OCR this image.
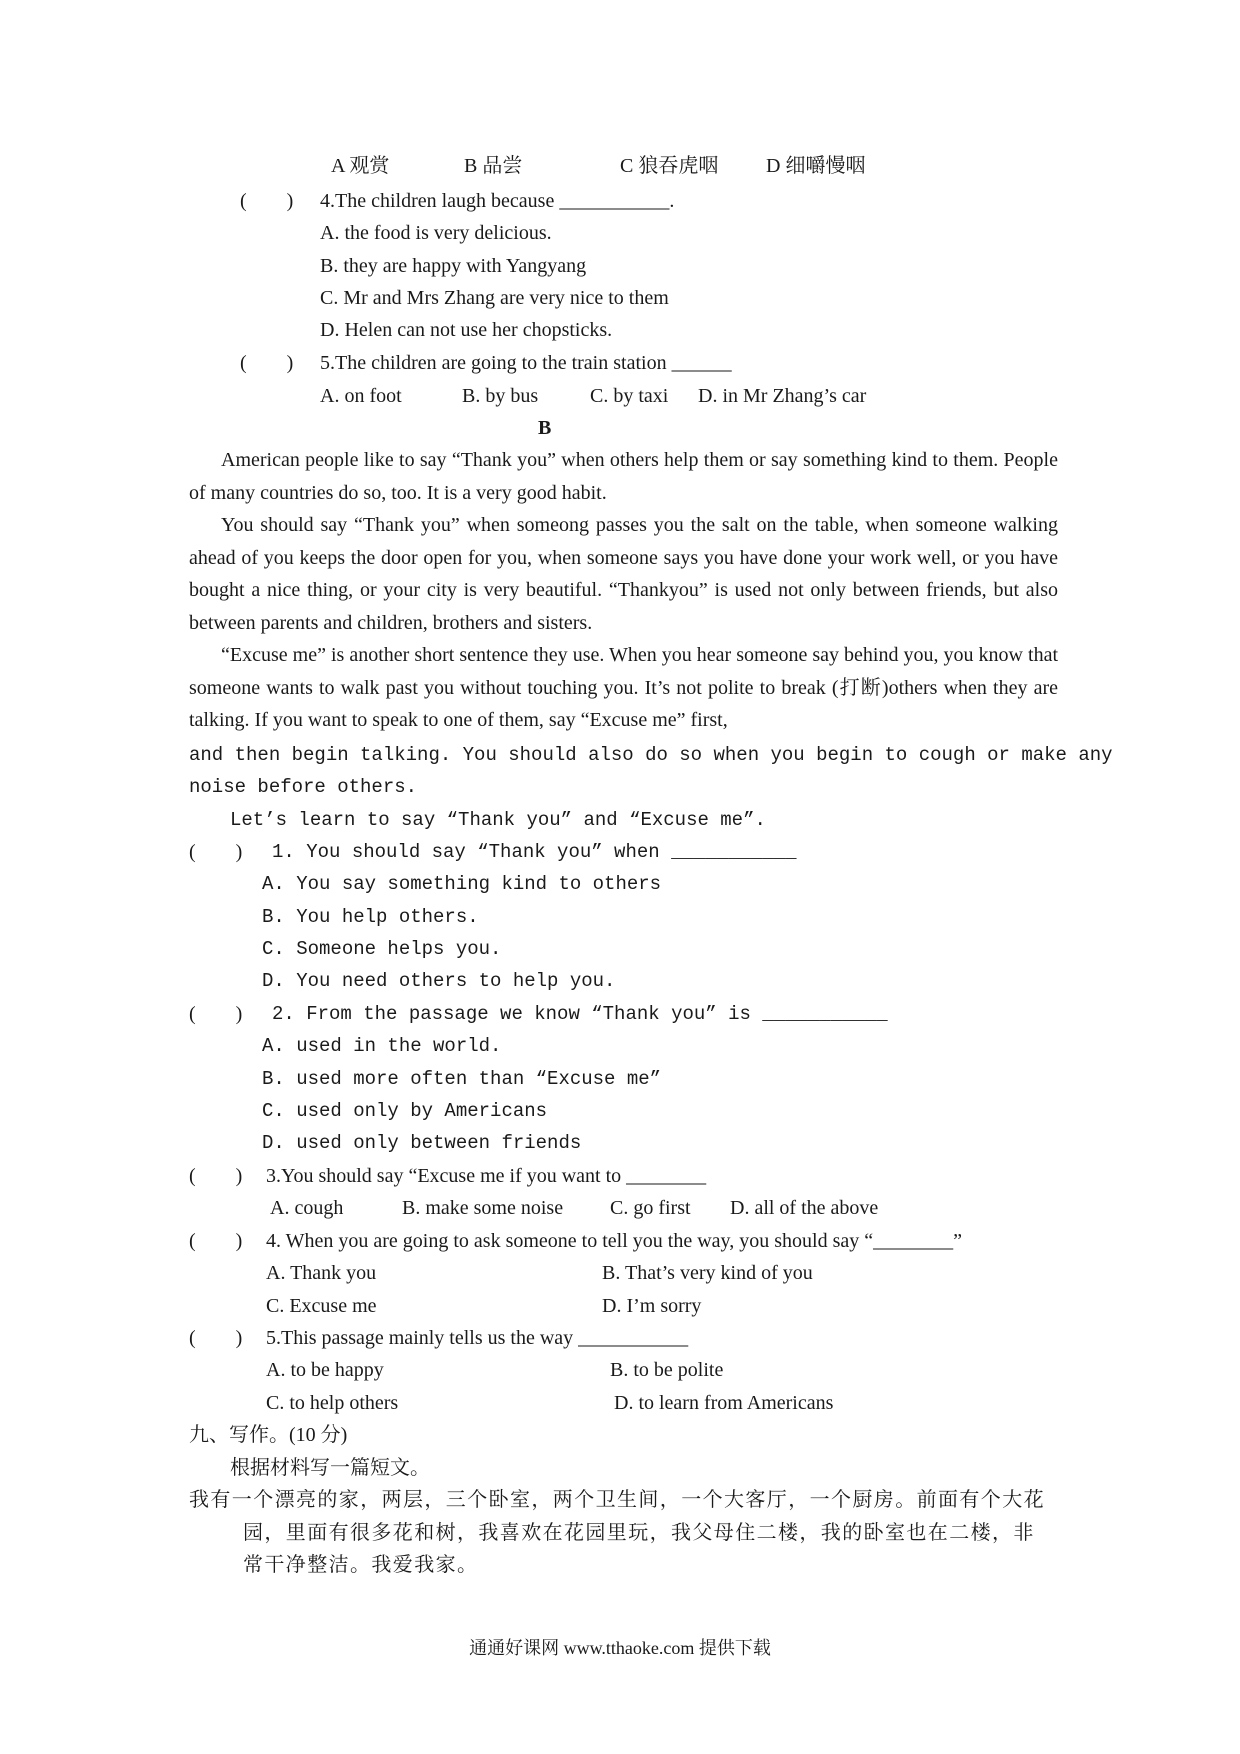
A 观赏	B 品尝	C 狼吞虎咽 D 细嚼慢咽
(　　) 4.The children laugh because ___________.
A. the food is very delicious.
B. they are happy with Yangyang
C. Mr and Mrs Zhang are very nice to them
D. Helen can not use her chopsticks.
(　　) 5.The children are going to the train station ______
A. on foot	B. by bus	C. by taxi D. in Mr Zhang’s car
B
American people like to say “Thank you” when others help them or say something kind to them. People of many countries do so, too. It is a very good habit.
You should say “Thank you” when someong passes you the salt on the table, when someone walking ahead of you keeps the door open for you, when someone says you have done your work well, or you have bought a nice thing, or your city is very beautiful. “Thankyou” is used not only between friends, but also between parents and children, brothers and sisters.
“Excuse me” is another short sentence they use. When you hear someone say behind you, you know that someone wants to walk past you without touching you. It’s not polite to break (打断)others when they are talking. If you want to speak to one of them, say “Excuse me” first,
and then begin talking. You should also do so when you begin to cough or make any
noise before others.
Let’s learn to say “Thank you” and “Excuse me”.
(　　) 1. You should say “Thank you” when ___________
A. You say something kind to others
B. You help others.
C. Someone helps you.
D. You need others to help you.
(　　) 2. From the passage we know “Thank you” is ___________
A. used in the world.
B. used more often than “Excuse me”
C. used only by Americans
D. used only between friends
(　　) 3.You should say “Excuse me if you want to ________
A. cough	B. make some noise C. go first D. all of the above
(　　) 4. When you are going to ask someone to tell you the way, you should say “________”
A. Thank you	B. That’s very kind of you
C. Excuse me	D. I’m sorry
(　　) 5.This passage mainly tells us the way ___________
A. to be happy	B. to be polite
C. to help others	D. to learn from Americans
九、写作。(10 分)
根据材料写一篇短文。
我有一个漂亮的家，两层，三个卧室，两个卫生间，一个大客厅，一个厨房。前面有个大花
园，里面有很多花和树，我喜欢在花园里玩，我父母住二楼，我的卧室也在二楼，非
常干净整洁。我爱我家。
通通好课网 www.tthaoke.com 提供下载
